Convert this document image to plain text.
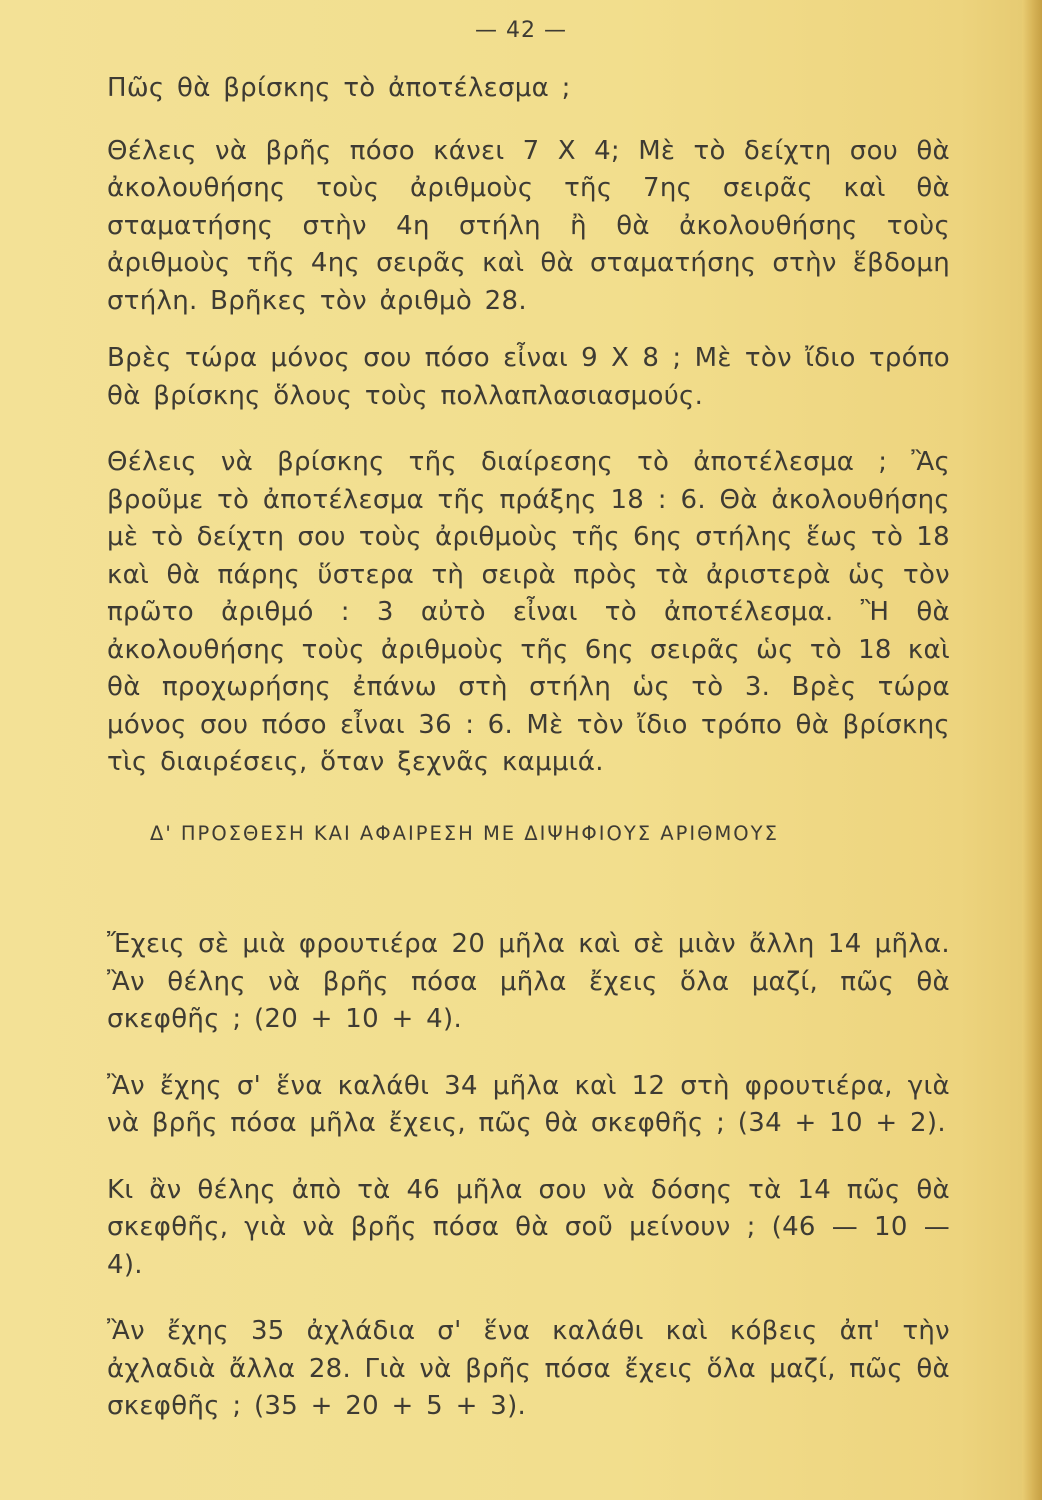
— 42 —

Πῶς θὰ βρίσκης τὸ ἀποτέλεσμα ;

Θέλεις νὰ βρῆς πόσο κάνει 7 Χ 4; Μὲ τὸ δείχτη σου θὰ ἀκολουθήσης τοὺς ἀριθμοὺς τῆς 7ης σειρᾶς καὶ θὰ σταματήσης στὴν 4η στήλη ἢ θὰ ἀκολουθήσης τοὺς ἀριθμοὺς τῆς 4ης σειρᾶς καὶ θὰ σταματήσης στὴν ἕβδομη στήλη. Βρῆκες τὸν ἀριθμὸ 28.

Βρὲς τώρα μόνος σου πόσο εἶναι 9 Χ 8 ; Μὲ τὸν ἴδιο τρόπο θὰ βρίσκης ὅλους τοὺς πολλαπλασιασμούς.

Θέλεις νὰ βρίσκης τῆς διαίρεσης τὸ ἀποτέλεσμα ; Ἂς βροῦμε τὸ ἀποτέλεσμα τῆς πράξης 18 : 6. Θὰ ἀκολουθήσης μὲ τὸ δείχτη σου τοὺς ἀριθμοὺς τῆς 6ης στήλης ἕως τὸ 18 καὶ θὰ πάρης ὕστερα τὴ σειρὰ πρὸς τὰ ἀριστερὰ ὡς τὸν πρῶτο ἀριθμό : 3 αὐτὸ εἶναι τὸ ἀποτέλεσμα. Ἢ θὰ ἀκολουθήσης τοὺς ἀριθμοὺς τῆς 6ης σειρᾶς ὡς τὸ 18 καὶ θὰ προχωρήσης ἐπάνω στὴ στήλη ὡς τὸ 3. Βρὲς τώρα μόνος σου πόσο εἶναι 36 : 6. Μὲ τὸν ἴδιο τρόπο θὰ βρίσκης τὶς διαιρέσεις, ὅταν ξεχνᾶς καμμιά.

Δ' ΠΡΟΣΘΕΣΗ ΚΑΙ ΑΦΑΙΡΕΣΗ ΜΕ ΔΙΨΗΦΙΟΥΣ ΑΡΙΘΜΟΥΣ

Ἔχεις σὲ μιὰ φρουτιέρα 20 μῆλα καὶ σὲ μιὰν ἄλλη 14 μῆλα. Ἂν θέλης νὰ βρῆς πόσα μῆλα ἔχεις ὅλα μαζί, πῶς θὰ σκεφθῆς ; (20 + 10 + 4).

Ἂν ἔχης σ' ἕνα καλάθι 34 μῆλα καὶ 12 στὴ φρουτιέρα, γιὰ νὰ βρῆς πόσα μῆλα ἔχεις, πῶς θὰ σκεφθῆς ; (34 + 10 + 2).

Κι ἂν θέλης ἀπὸ τὰ 46 μῆλα σου νὰ δόσης τὰ 14 πῶς θὰ σκεφθῆς, γιὰ νὰ βρῆς πόσα θὰ σοῦ μείνουν ; (46 — 10 — 4).

Ἂν ἔχης 35 ἀχλάδια σ' ἕνα καλάθι καὶ κόβεις ἀπ' τὴν ἀχλαδιὰ ἄλλα 28. Γιὰ νὰ βρῆς πόσα ἔχεις ὅλα μαζί, πῶς θὰ σκεφθῆς ; (35 + 20 + 5 + 3).
